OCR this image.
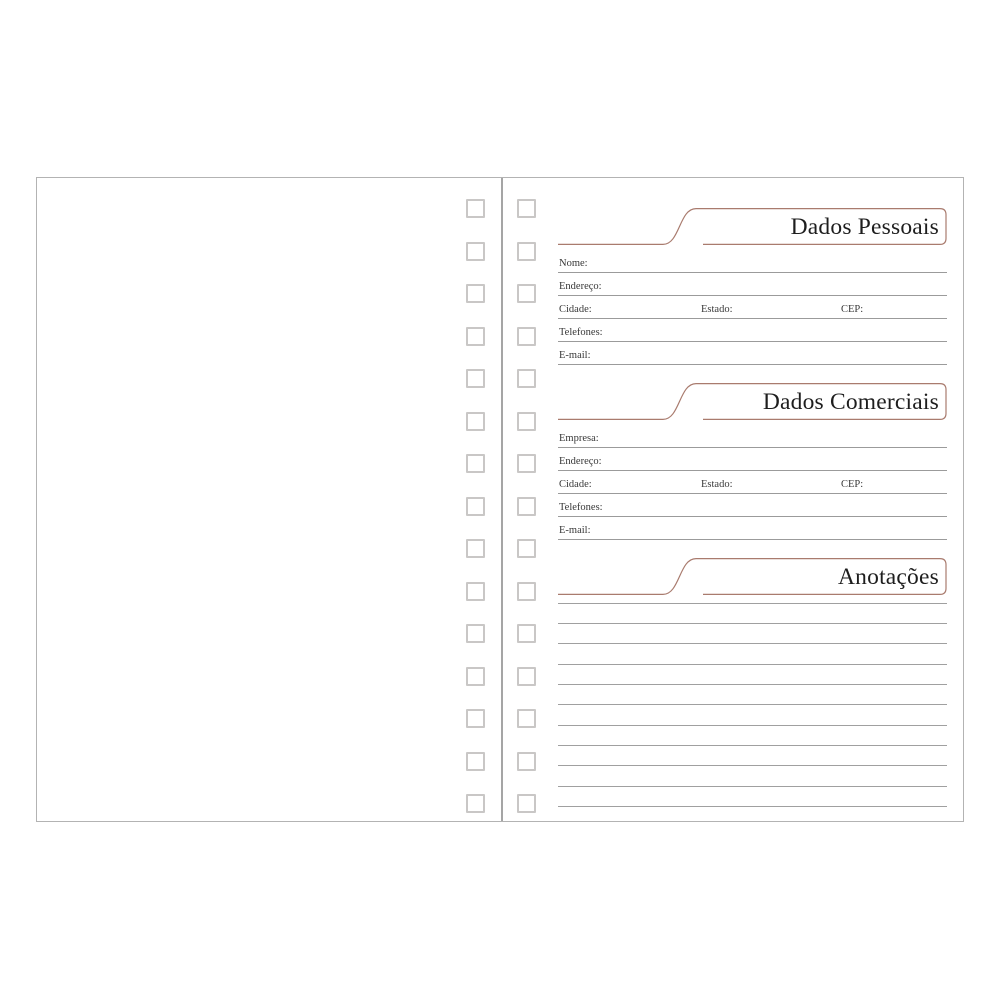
Dados Pessoais
Nome:
Endereço:
Cidade:	Estado:	CEP:
Telefones:
E-mail:
Dados Comerciais
Empresa:
Endereço:
Cidade:	Estado:	CEP:
Telefones:
E-mail:
Anotações
